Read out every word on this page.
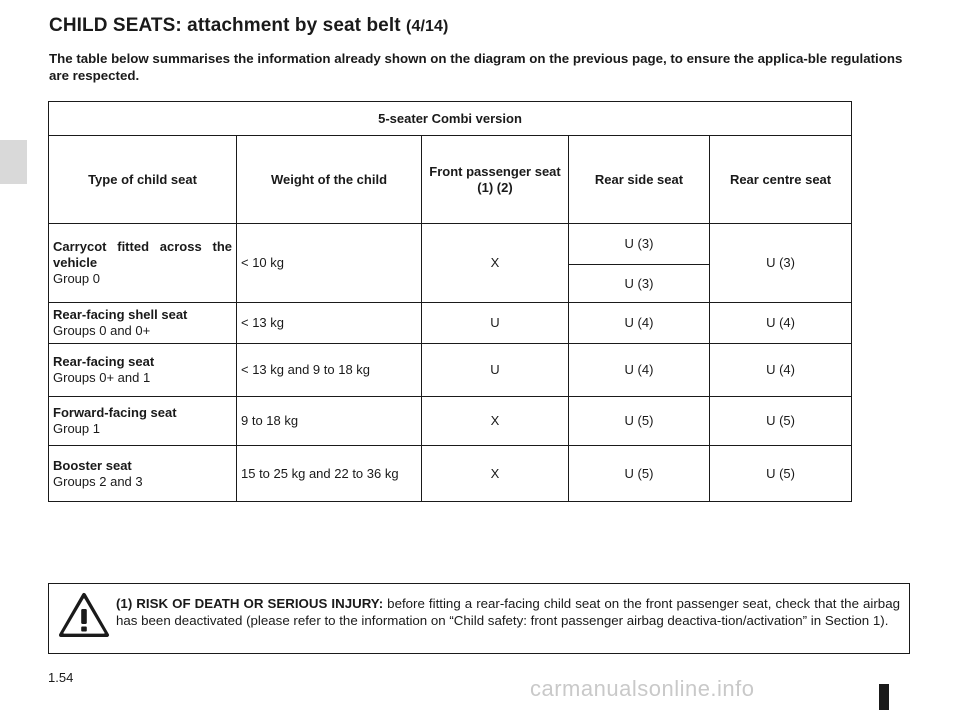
CHILD SEATS: attachment by seat belt (4/14)

The table below summarises the information already shown on the diagram on the previous page, to ensure the applica-ble regulations are respected.

5-seater Combi version				
Type of child seat	Weight of the child	Front passenger seat (1) (2)	Rear side seat	Rear centre seat

Carrycot fitted across the vehicle
Group 0	< 10 kg	X	U (3)	U (3)
			U (3)	

Rear-facing shell seat
Groups 0 and 0+	< 13 kg	U	U (4)	U (4)

Rear-facing seat
Groups 0+ and 1	< 13 kg and 9 to 18 kg	U	U (4)	U (4)

Forward-facing seat
Group 1	9 to 18 kg	X	U (5)	U (5)

Booster seat
Groups 2 and 3	15 to 25 kg and 22 to 36 kg	X	U (5)	U (5)

(1) RISK OF DEATH OR SERIOUS INJURY: before fitting a rear-facing child seat on the front passenger seat, check that the airbag has been deactivated (please refer to the information on “Child safety: front passenger airbag deactiva-tion/activation” in Section 1).

1.54	carmanualsonline.info
